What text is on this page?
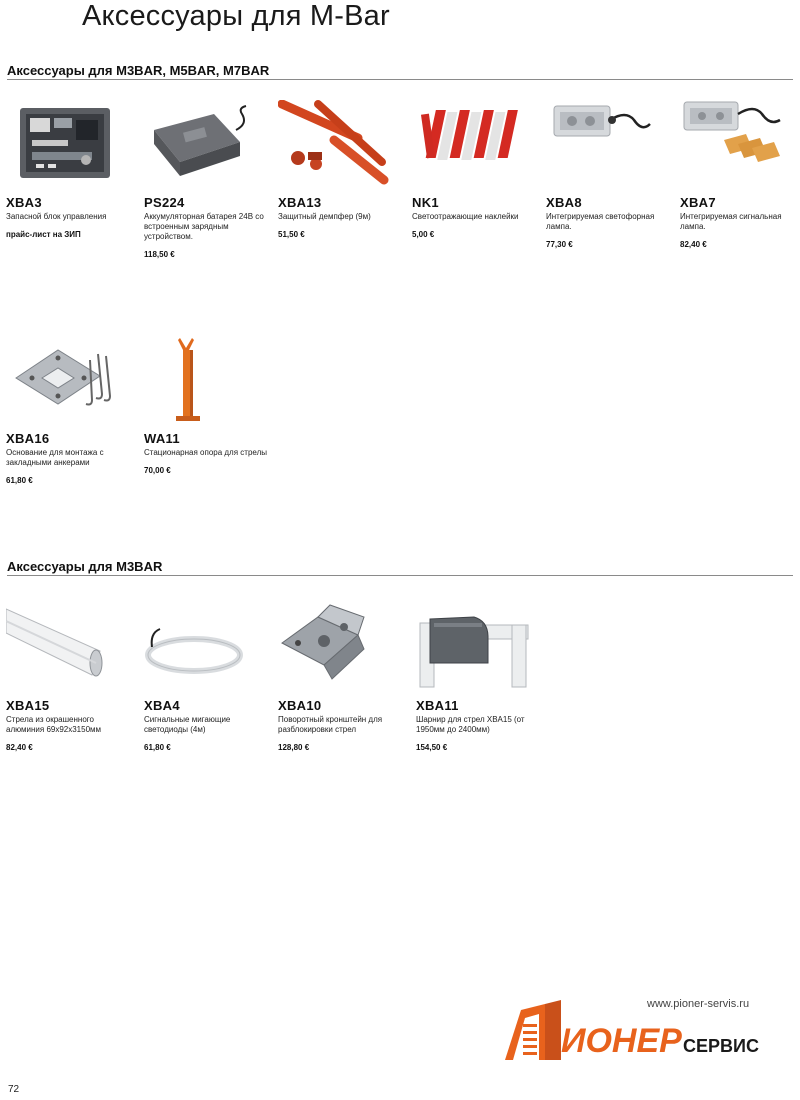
Аксессуары для M-Bar
Аксессуары для M3BAR, M5BAR, M7BAR
Аксессуары для M3BAR
XBA3
Запасной блок управления
прайс-лист на ЗИП
PS224
Аккумуляторная батарея 24В со встроенным зарядным устройством.
118,50 €
XBA13
Защитный демпфер (9м)
51,50 €
NK1
Светоотражающие наклейки
5,00 €
XBA8
Интегрируемая светофорная лампа.
77,30 €
XBA7
Интегрируемая сигнальная лампа.
82,40 €
XBA16
Основание для монтажа с закладными анкерами
61,80 €
WA11
Стационарная опора для стрелы
70,00 €
XBA15
Стрела из окрашенного алюминия 69х92х3150мм
82,40 €
XBA4
Сигнальные мигающие светодиоды (4м)
61,80 €
XBA10
Поворотный кронштейн для разблокировки стрел
128,80 €
XBA11
Шарнир для стрел XBA15 (от 1950мм до 2400мм)
154,50 €
www.pioner-servis.ru
ИОНЕР СЕРВИС
72
